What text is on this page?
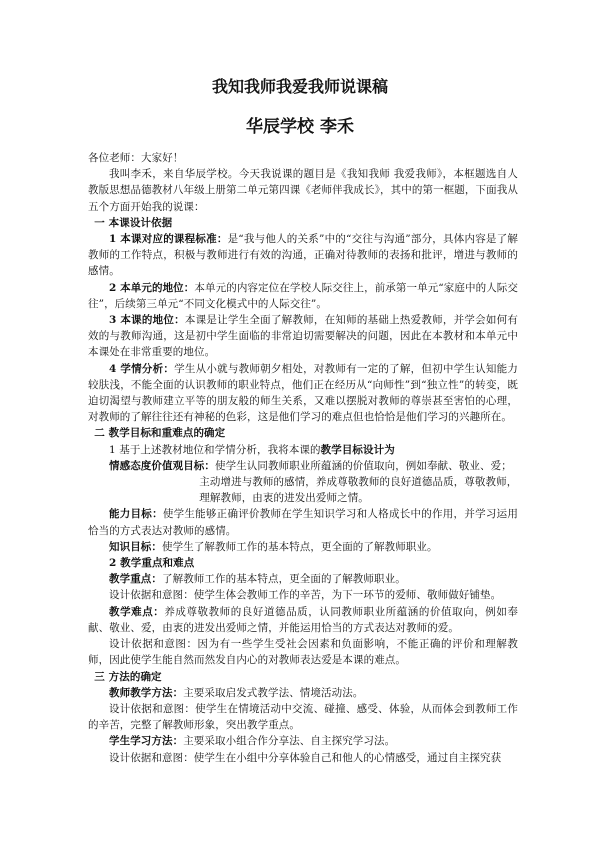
我知我师我爱我师说课稿
华辰学校 李禾

各位老师：大家好！

我叫李禾，来自华辰学校。今天我说课的题目是《我知我师 我爱我师》，本框题选自人教版思想品德教材八年级上册第二单元第四课《老师伴我成长》，其中的第一框题，下面我从五个方面开始我的说课：

一 本课设计依据

1 本课对应的课程标准：是“我与他人的关系”中的“交往与沟通”部分，具体内容是了解教师的工作特点，积极与教师进行有效的沟通，正确对待教师的表扬和批评，增进与教师的感情。

2 本单元的地位：本单元的内容定位在学校人际交往上，前承第一单元“家庭中的人际交往”，后续第三单元“不同文化模式中的人际交往”。

3 本课的地位：本课是让学生全面了解教师，在知师的基础上热爱教师，并学会如何有效的与教师沟通，这是初中学生面临的非常迫切需要解决的问题，因此在本教材和本单元中本课处在非常重要的地位。

4 学情分析：学生从小就与教师朝夕相处，对教师有一定的了解，但初中学生认知能力较肤浅，不能全面的认识教师的职业特点，他们正在经历从“向师性”到“独立性”的转变，既迫切渴望与教师建立平等的朋友般的师生关系，又难以摆脱对教师的尊崇甚至害怕的心理，对教师的了解往往还有神秘的色彩，这是他们学习的难点但也恰恰是他们学习的兴趣所在。

二 教学目标和重难点的确定

1 基于上述教材地位和学情分析，我将本课的教学目标设计为

情感态度价值观目标：使学生认同教师职业所蕴涵的价值取向，例如奉献、敬业、爱；
主动增进与教师的感情，养成尊敬教师的良好道德品质，尊敬教师，
理解教师，由衷的进发出爱师之情。

能力目标：使学生能够正确评价教师在学生知识学习和人格成长中的作用，并学习运用恰当的方式表达对教师的感情。

知识目标：使学生了解教师工作的基本特点，更全面的了解教师职业。

2 教学重点和难点

教学重点：了解教师工作的基本特点，更全面的了解教师职业。

设计依据和意图：使学生体会教师工作的辛苦，为下一环节的爱师、敬师做好铺垫。

教学难点：养成尊敬教师的良好道德品质，认同教师职业所蕴涵的价值取向，例如奉献、敬业、爱，由衷的进发出爱师之情，并能运用恰当的方式表达对教师的爱。

设计依据和意图：因为有一些学生受社会因素和负面影响，不能正确的评价和理解教师，因此使学生能自然而然发自内心的对教师表达爱是本课的难点。

三 方法的确定

教师教学方法：主要采取启发式教学法、情境活动法。

设计依据和意图：使学生在情境活动中交流、碰撞、感受、体验，从而体会到教师工作的辛苦，完整了解教师形象，突出教学重点。

学生学习方法：主要采取小组合作分享法、自主探究学习法。

设计依据和意图：使学生在小组中分享体验自己和他人的心情感受，通过自主探究获
